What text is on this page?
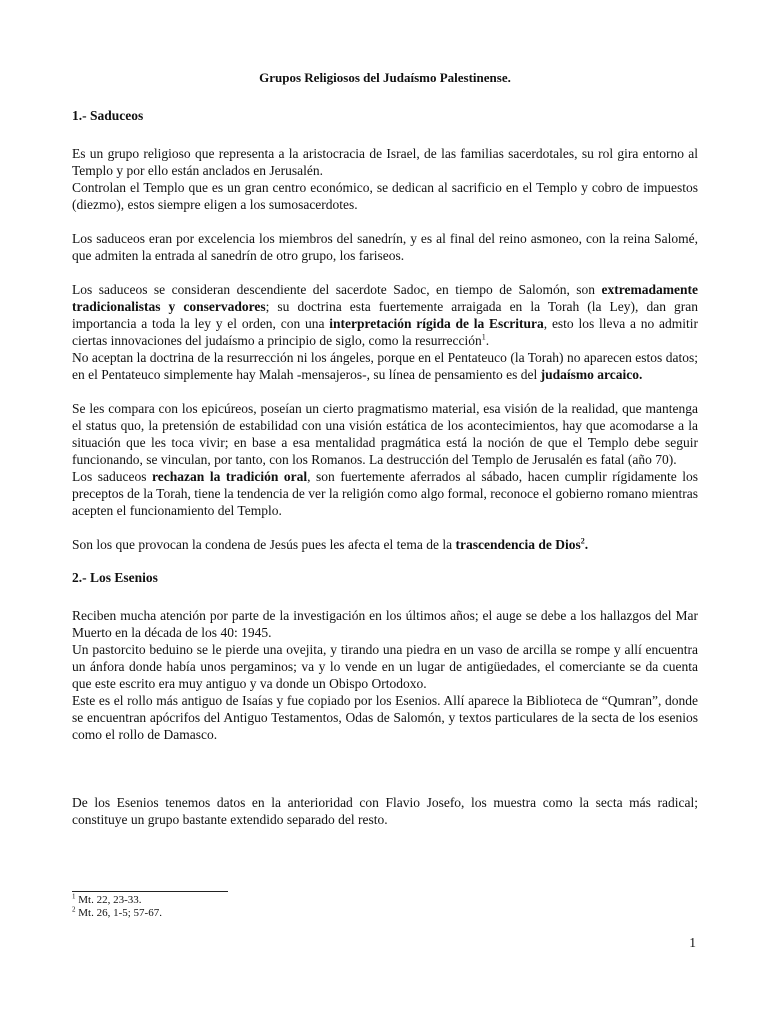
Grupos Religiosos del Judaísmo Palestinense.
1.- Saduceos

Es un grupo religioso que representa a la aristocracia de Israel, de las familias sacerdotales, su rol gira entorno al Templo y por ello están anclados en Jerusalén.

Controlan el Templo que es un gran centro económico, se dedican al sacrificio en el Templo y cobro de impuestos (diezmo), estos siempre eligen a los sumosacerdotes.

Los saduceos eran por excelencia los miembros del sanedrín, y es al final del reino asmoneo, con la reina Salomé, que admiten la entrada al sanedrín de otro grupo, los fariseos.

Los saduceos se consideran descendiente del sacerdote Sadoc, en tiempo de Salomón, son extremadamente tradicionalistas y conservadores; su doctrina esta fuertemente arraigada en la Torah (la Ley), dan gran importancia a toda la ley y el orden, con una interpretación rígida de la Escritura, esto los lleva a no admitir ciertas innovaciones del judaísmo a principio de siglo, como la resurrección$^1$.

No aceptan la doctrina de la resurrección ni los ángeles, porque en el Pentateuco (la Torah) no aparecen estos datos; en el Pentateuco simplemente hay Malah -mensajeros-, su línea de pensamiento es del judaísmo arcaico.

Se les compara con los epicúreos, poseían un cierto pragmatismo material, esa visión de la realidad, que mantenga el status quo, la pretensión de estabilidad con una visión estática de los acontecimientos, hay que acomodarse a la situación que les toca vivir; en base a esa mentalidad pragmática está la noción de que el Templo debe seguir funcionando, se vinculan, por tanto, con los Romanos. La destrucción del Templo de Jerusalén es fatal (año 70).

Los saduceos rechazan la tradición oral, son fuertemente aferrados al sábado, hacen cumplir rígidamente los preceptos de la Torah, tiene la tendencia de ver la religión como algo formal, reconoce el gobierno romano mientras acepten el funcionamiento del Templo.

Son los que provocan la condena de Jesús pues les afecta el tema de la trascendencia de Dios$^2$.

2.- Los Esenios

Reciben mucha atención por parte de la investigación en los últimos años; el auge se debe a los hallazgos del Mar Muerto en la década de los 40: 1945.

Un pastorcito beduino se le pierde una ovejita, y tirando una piedra en un vaso de arcilla se rompe y allí encuentra un ánfora donde había unos pergaminos; va y lo vende en un lugar de antigüedades, el comerciante se da cuenta que este escrito era muy antiguo y va donde un Obispo Ortodoxo.

Este es el rollo más antiguo de Isaías y fue copiado por los Esenios. Allí aparece la Biblioteca de “Qumran”, donde se encuentran apócrifos del Antiguo Testamentos, Odas de Salomón, y textos particulares de la secta de los esenios como el rollo de Damasco.

De los Esenios tenemos datos en la anterioridad con Flavio Josefo, los muestra como la secta más radical; constituye un grupo bastante extendido separado del resto.

$^1$ Mt. 22, 23-33.
$^2$ Mt. 26, 1-5; 57-67.
1
